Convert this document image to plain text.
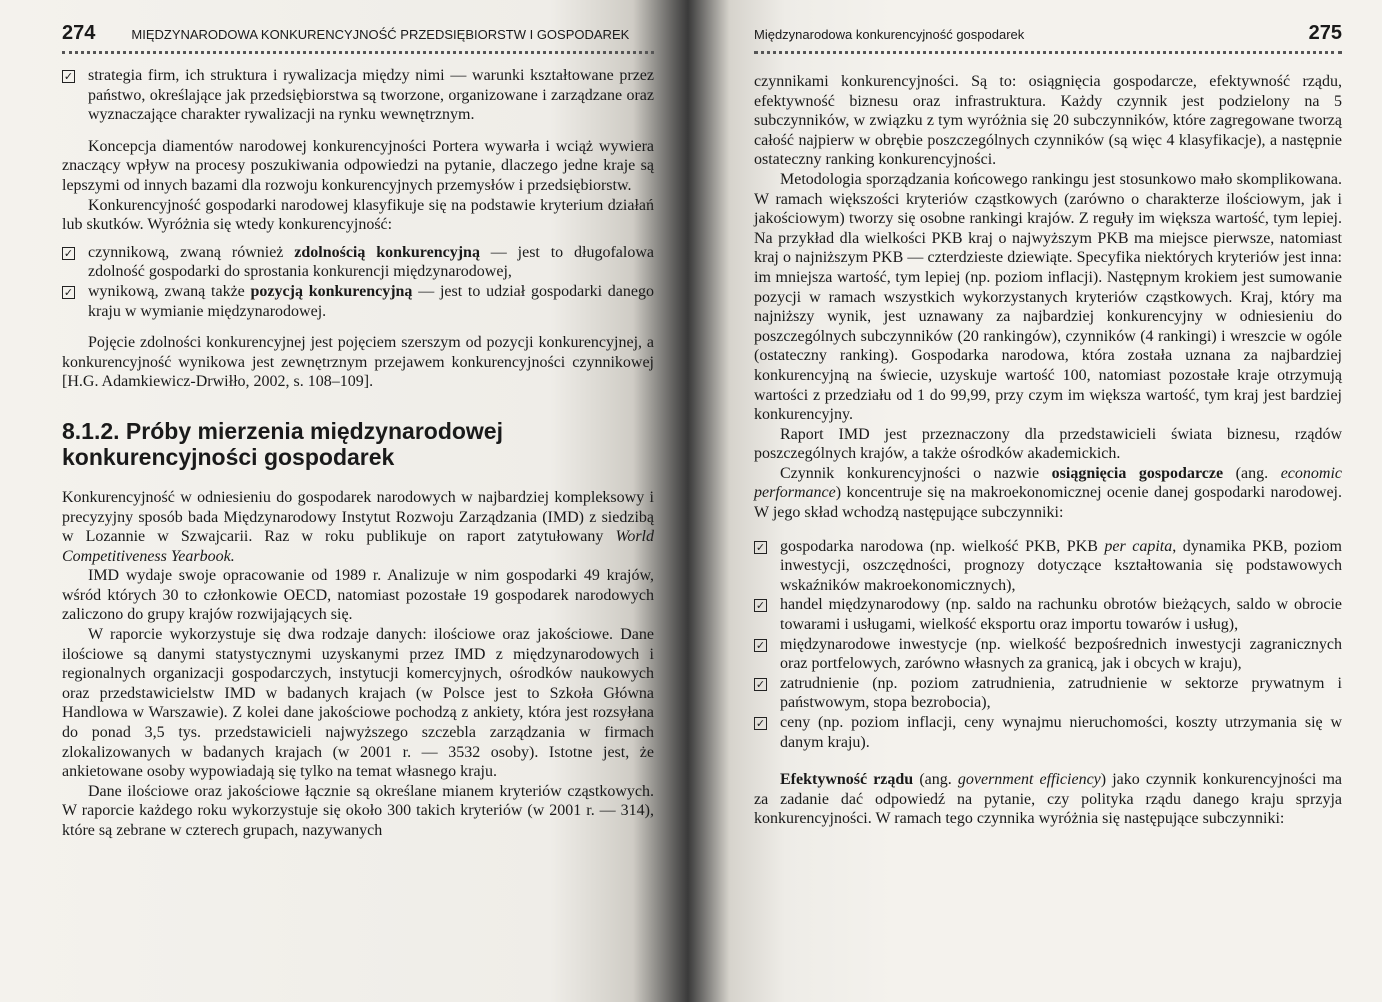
274	MIĘDZYNARODOWA KONKURENCYJNOŚĆ PRZEDSIĘBIORSTW I GOSPODAREK
✓ strategia firm, ich struktura i rywalizacja między nimi — warunki kształtowane przez państwo, określające jak przedsiębiorstwa są tworzone, organizowane i zarządzane oraz wyznaczające charakter rywalizacji na rynku wewnętrznym.

Koncepcja diamentów narodowej konkurencyjności Portera wywarła i wciąż wywiera znaczący wpływ na procesy poszukiwania odpowiedzi na pytanie, dlaczego jedne kraje są lepszymi od innych bazami dla rozwoju konkurencyjnych przemysłów i przedsiębiorstw.

Konkurencyjność gospodarki narodowej klasyfikuje się na podstawie kryterium działań lub skutków. Wyróżnia się wtedy konkurencyjność:

✓ czynnikową, zwaną również zdolnością konkurencyjną — jest to długofalowa zdolność gospodarki do sprostania konkurencji międzynarodowej,
✓ wynikową, zwaną także pozycją konkurencyjną — jest to udział gospodarki danego kraju w wymianie międzynarodowej.

Pojęcie zdolności konkurencyjnej jest pojęciem szerszym od pozycji konkurencyjnej, a konkurencyjność wynikowa jest zewnętrznym przejawem konkurencyjności czynnikowej [H.G. Adamkiewicz-Drwiłło, 2002, s. 108–109].

8.1.2. Próby mierzenia międzynarodowej
konkurencyjności gospodarek

Konkurencyjność w odniesieniu do gospodarek narodowych w najbardziej kompleksowy i precyzyjny sposób bada Międzynarodowy Instytut Rozwoju Zarządzania (IMD) z siedzibą w Lozannie w Szwajcarii. Raz w roku publikuje on raport zatytułowany World Competitiveness Yearbook.

IMD wydaje swoje opracowanie od 1989 r. Analizuje w nim gospodarki 49 krajów, wśród których 30 to członkowie OECD, natomiast pozostałe 19 gospodarek narodowych zaliczono do grupy krajów rozwijających się.

W raporcie wykorzystuje się dwa rodzaje danych: ilościowe oraz jakościowe. Dane ilościowe są danymi statystycznymi uzyskanymi przez IMD z międzynarodowych i regionalnych organizacji gospodarczych, instytucji komercyjnych, ośrodków naukowych oraz przedstawicielstw IMD w badanych krajach (w Polsce jest to Szkoła Główna Handlowa w Warszawie). Z kolei dane jakościowe pochodzą z ankiety, która jest rozsyłana do ponad 3,5 tys. przedstawicieli najwyższego szczebla zarządzania w firmach zlokalizowanych w badanych krajach (w 2001 r. — 3532 osoby). Istotne jest, że ankietowane osoby wypowiadają się tylko na temat własnego kraju.

Dane ilościowe oraz jakościowe łącznie są określane mianem kryteriów cząstkowych. W raporcie każdego roku wykorzystuje się około 300 takich kryteriów (w 2001 r. — 314), które są zebrane w czterech grupach, nazywanych

Międzynarodowa konkurencyjność gospodarek	275

czynnikami konkurencyjności. Są to: osiągnięcia gospodarcze, efektywność rządu, efektywność biznesu oraz infrastruktura. Każdy czynnik jest podzielony na 5 subczynników, w związku z tym wyróżnia się 20 subczynników, które zagregowane tworzą całość najpierw w obrębie poszczególnych czynników (są więc 4 klasyfikacje), a następnie ostateczny ranking konkurencyjności.

Metodologia sporządzania końcowego rankingu jest stosunkowo mało skomplikowana. W ramach większości kryteriów cząstkowych (zarówno o charakterze ilościowym, jak i jakościowym) tworzy się osobne rankingi krajów. Z reguły im większa wartość, tym lepiej. Na przykład dla wielkości PKB kraj o najwyższym PKB ma miejsce pierwsze, natomiast kraj o najniższym PKB — czterdzieste dziewiąte. Specyfika niektórych kryteriów jest inna: im mniejsza wartość, tym lepiej (np. poziom inflacji). Następnym krokiem jest sumowanie pozycji w ramach wszystkich wykorzystanych kryteriów cząstkowych. Kraj, który ma najniższy wynik, jest uznawany za najbardziej konkurencyjny w odniesieniu do poszczególnych subczynników (20 rankingów), czynników (4 rankingi) i wreszcie w ogóle (ostateczny ranking). Gospodarka narodowa, która została uznana za najbardziej konkurencyjną na świecie, uzyskuje wartość 100, natomiast pozostałe kraje otrzymują wartości z przedziału od 1 do 99,99, przy czym im większa wartość, tym kraj jest bardziej konkurencyjny.

Raport IMD jest przeznaczony dla przedstawicieli świata biznesu, rządów poszczególnych krajów, a także ośrodków akademickich.

Czynnik konkurencyjności o nazwie osiągnięcia gospodarcze (ang. economic performance) koncentruje się na makroekonomicznej ocenie danej gospodarki narodowej. W jego skład wchodzą następujące subczynniki:

✓ gospodarka narodowa (np. wielkość PKB, PKB per capita, dynamika PKB, poziom inwestycji, oszczędności, prognozy dotyczące kształtowania się podstawowych wskaźników makroekonomicznych),
✓ handel międzynarodowy (np. saldo na rachunku obrotów bieżących, saldo w obrocie towarami i usługami, wielkość eksportu oraz importu towarów i usług),
✓ międzynarodowe inwestycje (np. wielkość bezpośrednich inwestycji zagranicznych oraz portfelowych, zarówno własnych za granicą, jak i obcych w kraju),
✓ zatrudnienie (np. poziom zatrudnienia, zatrudnienie w sektorze prywatnym i państwowym, stopa bezrobocia),
✓ ceny (np. poziom inflacji, ceny wynajmu nieruchomości, koszty utrzymania się w danym kraju).

Efektywność rządu (ang. government efficiency) jako czynnik konkurencyjności ma za zadanie dać odpowiedź na pytanie, czy polityka rządu danego kraju sprzyja konkurencyjności. W ramach tego czynnika wyróżnia się następujące subczynniki:
